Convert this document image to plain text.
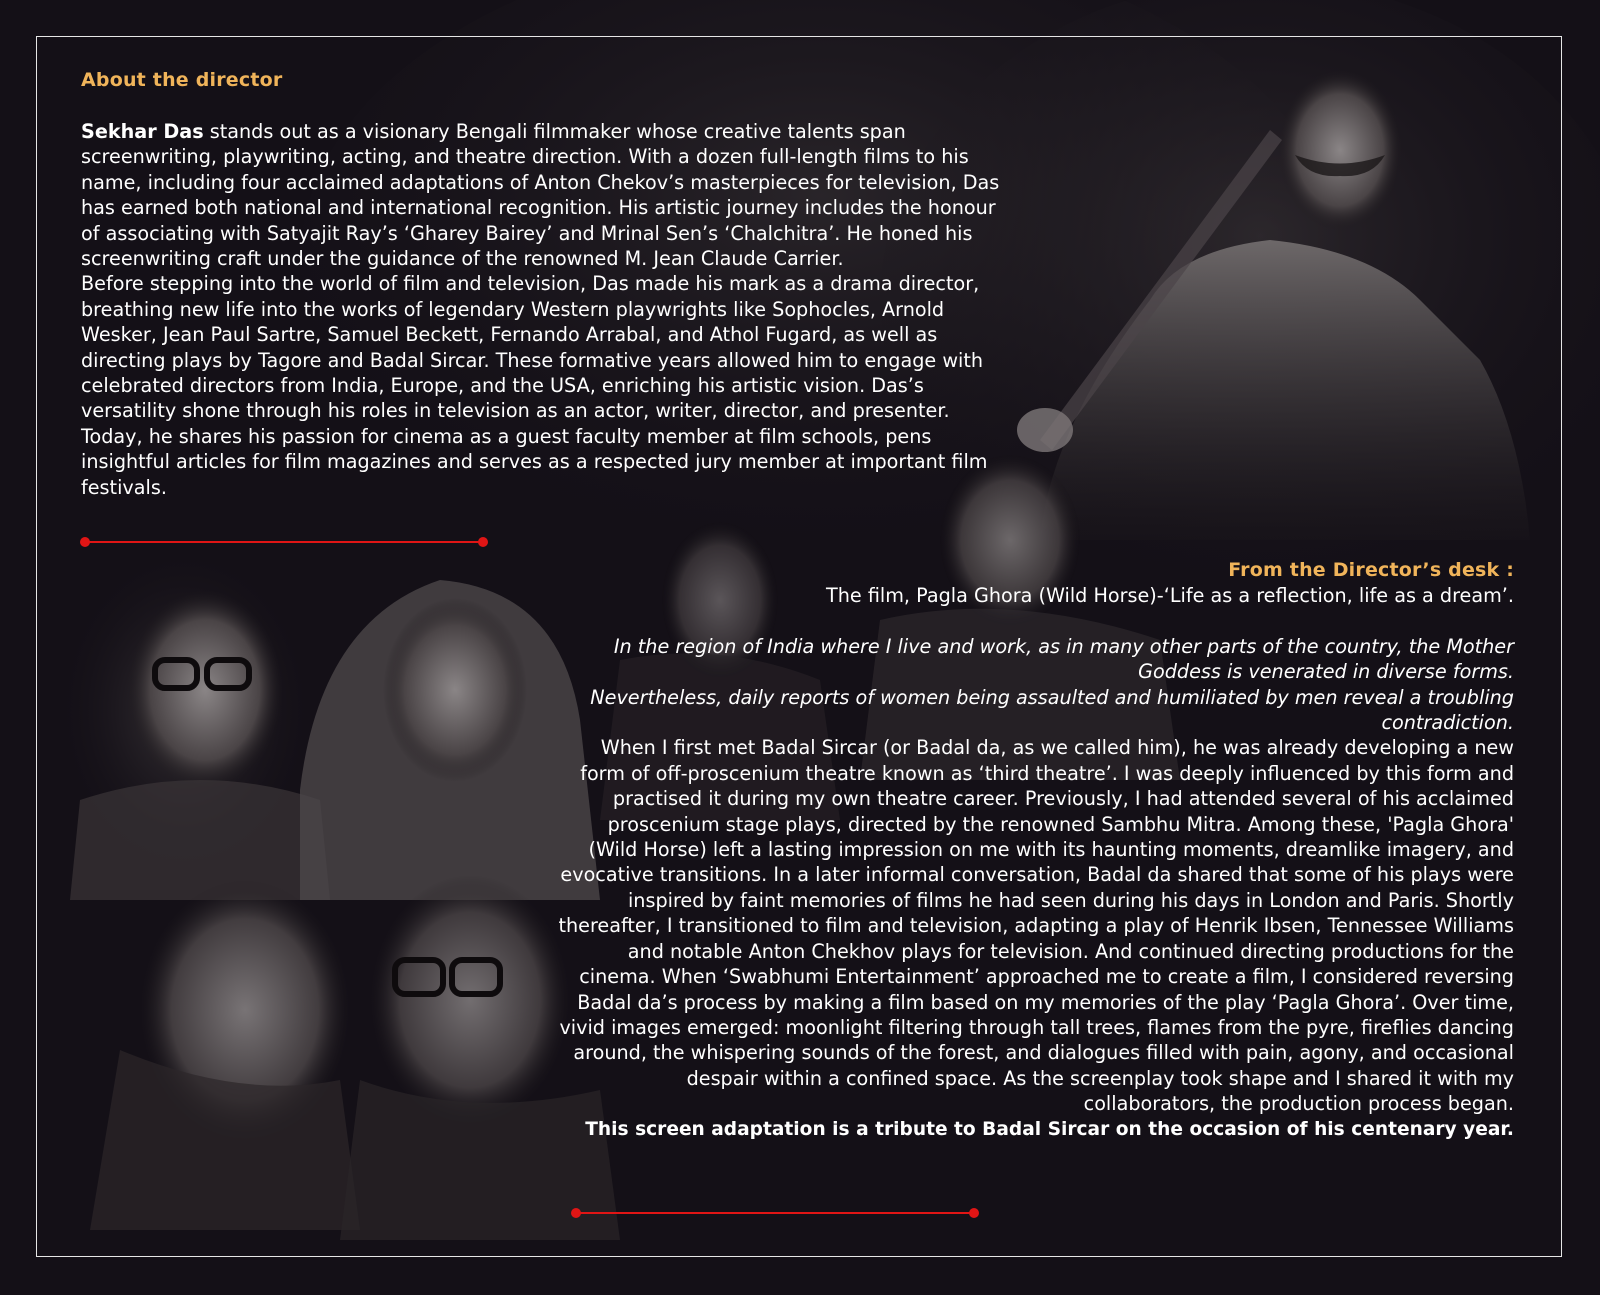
About the director

Sekhar Das stands out as a visionary Bengali filmmaker whose creative talents span screenwriting, playwriting, acting, and theatre direction. With a dozen full-length films to his name, including four acclaimed adaptations of Anton Chekov’s masterpieces for television, Das has earned both national and international recognition. His artistic journey includes the honour of associating with Satyajit Ray’s ‘Gharey Bairey’ and Mrinal Sen’s ‘Chalchitra’. He honed his screenwriting craft under the guidance of the renowned M. Jean Claude Carrier.

Before stepping into the world of film and television, Das made his mark as a drama director, breathing new life into the works of legendary Western playwrights like Sophocles, Arnold Wesker, Jean Paul Sartre, Samuel Beckett, Fernando Arrabal, and Athol Fugard, as well as directing plays by Tagore and Badal Sircar. These formative years allowed him to engage with celebrated directors from India, Europe, and the USA, enriching his artistic vision. Das’s versatility shone through his roles in television as an actor, writer, director, and presenter. Today, he shares his passion for cinema as a guest faculty member at film schools, pens insightful articles for film magazines and serves as a respected jury member at important film festivals.

From the Director’s desk :

The film, Pagla Ghora (Wild Horse)-‘Life as a reflection, life as a dream’.

In the region of India where I live and work, as in many other parts of the country, the Mother Goddess is venerated in diverse forms.

Nevertheless, daily reports of women being assaulted and humiliated by men reveal a troubling contradiction.

When I first met Badal Sircar (or Badal da, as we called him), he was already developing a new form of off-proscenium theatre known as ‘third theatre’. I was deeply influenced by this form and practised it during my own theatre career. Previously, I had attended several of his acclaimed proscenium stage plays, directed by the renowned Sambhu Mitra. Among these, 'Pagla Ghora' (Wild Horse) left a lasting impression on me with its haunting moments, dreamlike imagery, and evocative transitions. In a later informal conversation, Badal da shared that some of his plays were inspired by faint memories of films he had seen during his days in London and Paris. Shortly thereafter, I transitioned to film and television, adapting a play of Henrik Ibsen, Tennessee Williams and notable Anton Chekhov plays for television. And continued directing productions for the cinema. When ‘Swabhumi Entertainment’ approached me to create a film, I considered reversing Badal da’s process by making a film based on my memories of the play ‘Pagla Ghora’. Over time, vivid images emerged: moonlight filtering through tall trees, flames from the pyre, fireflies dancing around, the whispering sounds of the forest, and dialogues filled with pain, agony, and occasional despair within a confined space. As the screenplay took shape and I shared it with my collaborators, the production process began.

This screen adaptation is a tribute to Badal Sircar on the occasion of his centenary year.
